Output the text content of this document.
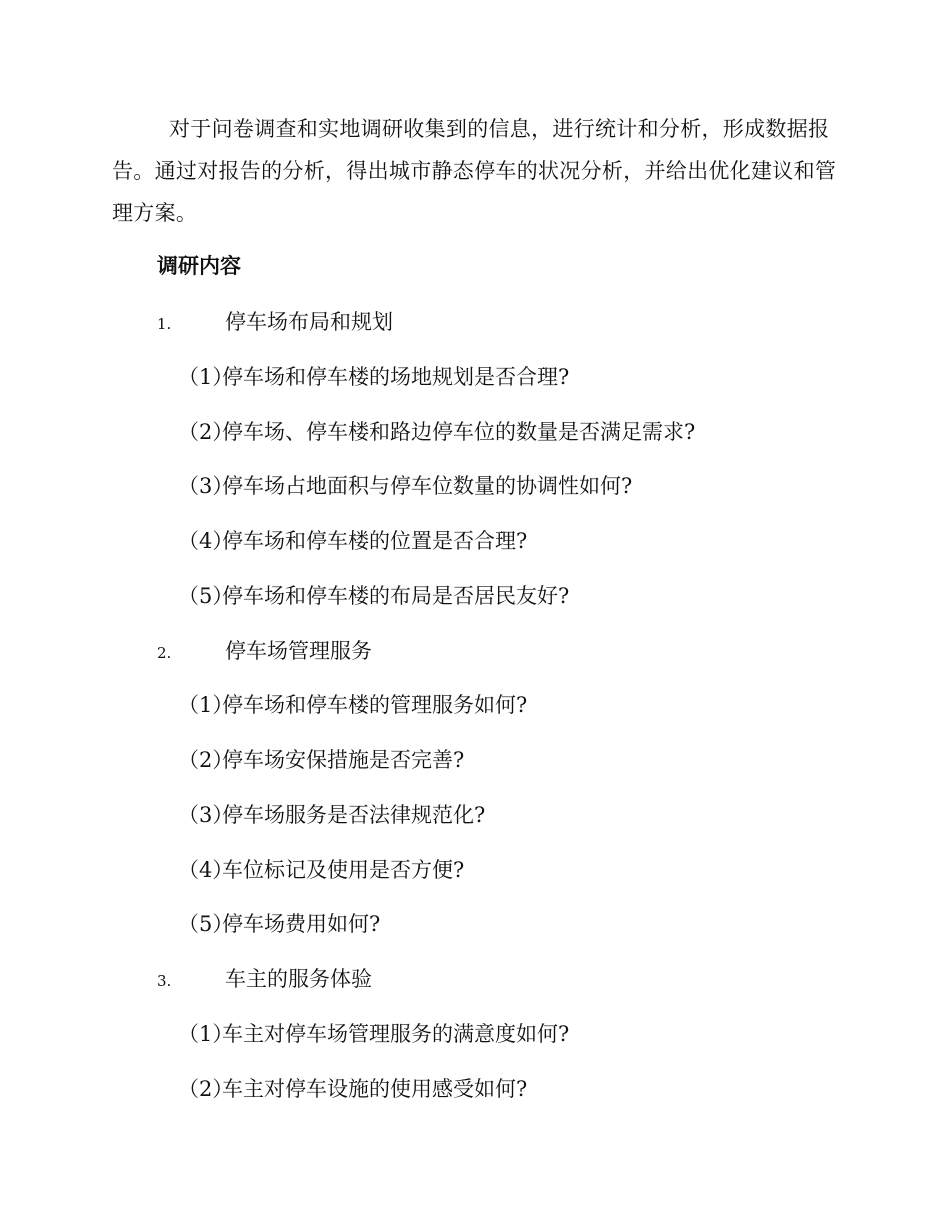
对于问卷调查和实地调研收集到的信息，进行统计和分析，形成数据报告。通过对报告的分析，得出城市静态停车的状况分析，并给出优化建议和管理方案。

调研内容
1.	停车场布局和规划
（1）停车场和停车楼的场地规划是否合理?
（2）停车场、停车楼和路边停车位的数量是否满足需求?
（3）停车场占地面积与停车位数量的协调性如何?
（4）停车场和停车楼的位置是否合理?
（5）停车场和停车楼的布局是否居民友好?
2.	停车场管理服务
（1）停车场和停车楼的管理服务如何?
（2）停车场安保措施是否完善?
（3）停车场服务是否法律规范化?
（4）车位标记及使用是否方便?
（5）停车场费用如何?
3.	车主的服务体验
（1）车主对停车场管理服务的满意度如何?
（2）车主对停车设施的使用感受如何?
